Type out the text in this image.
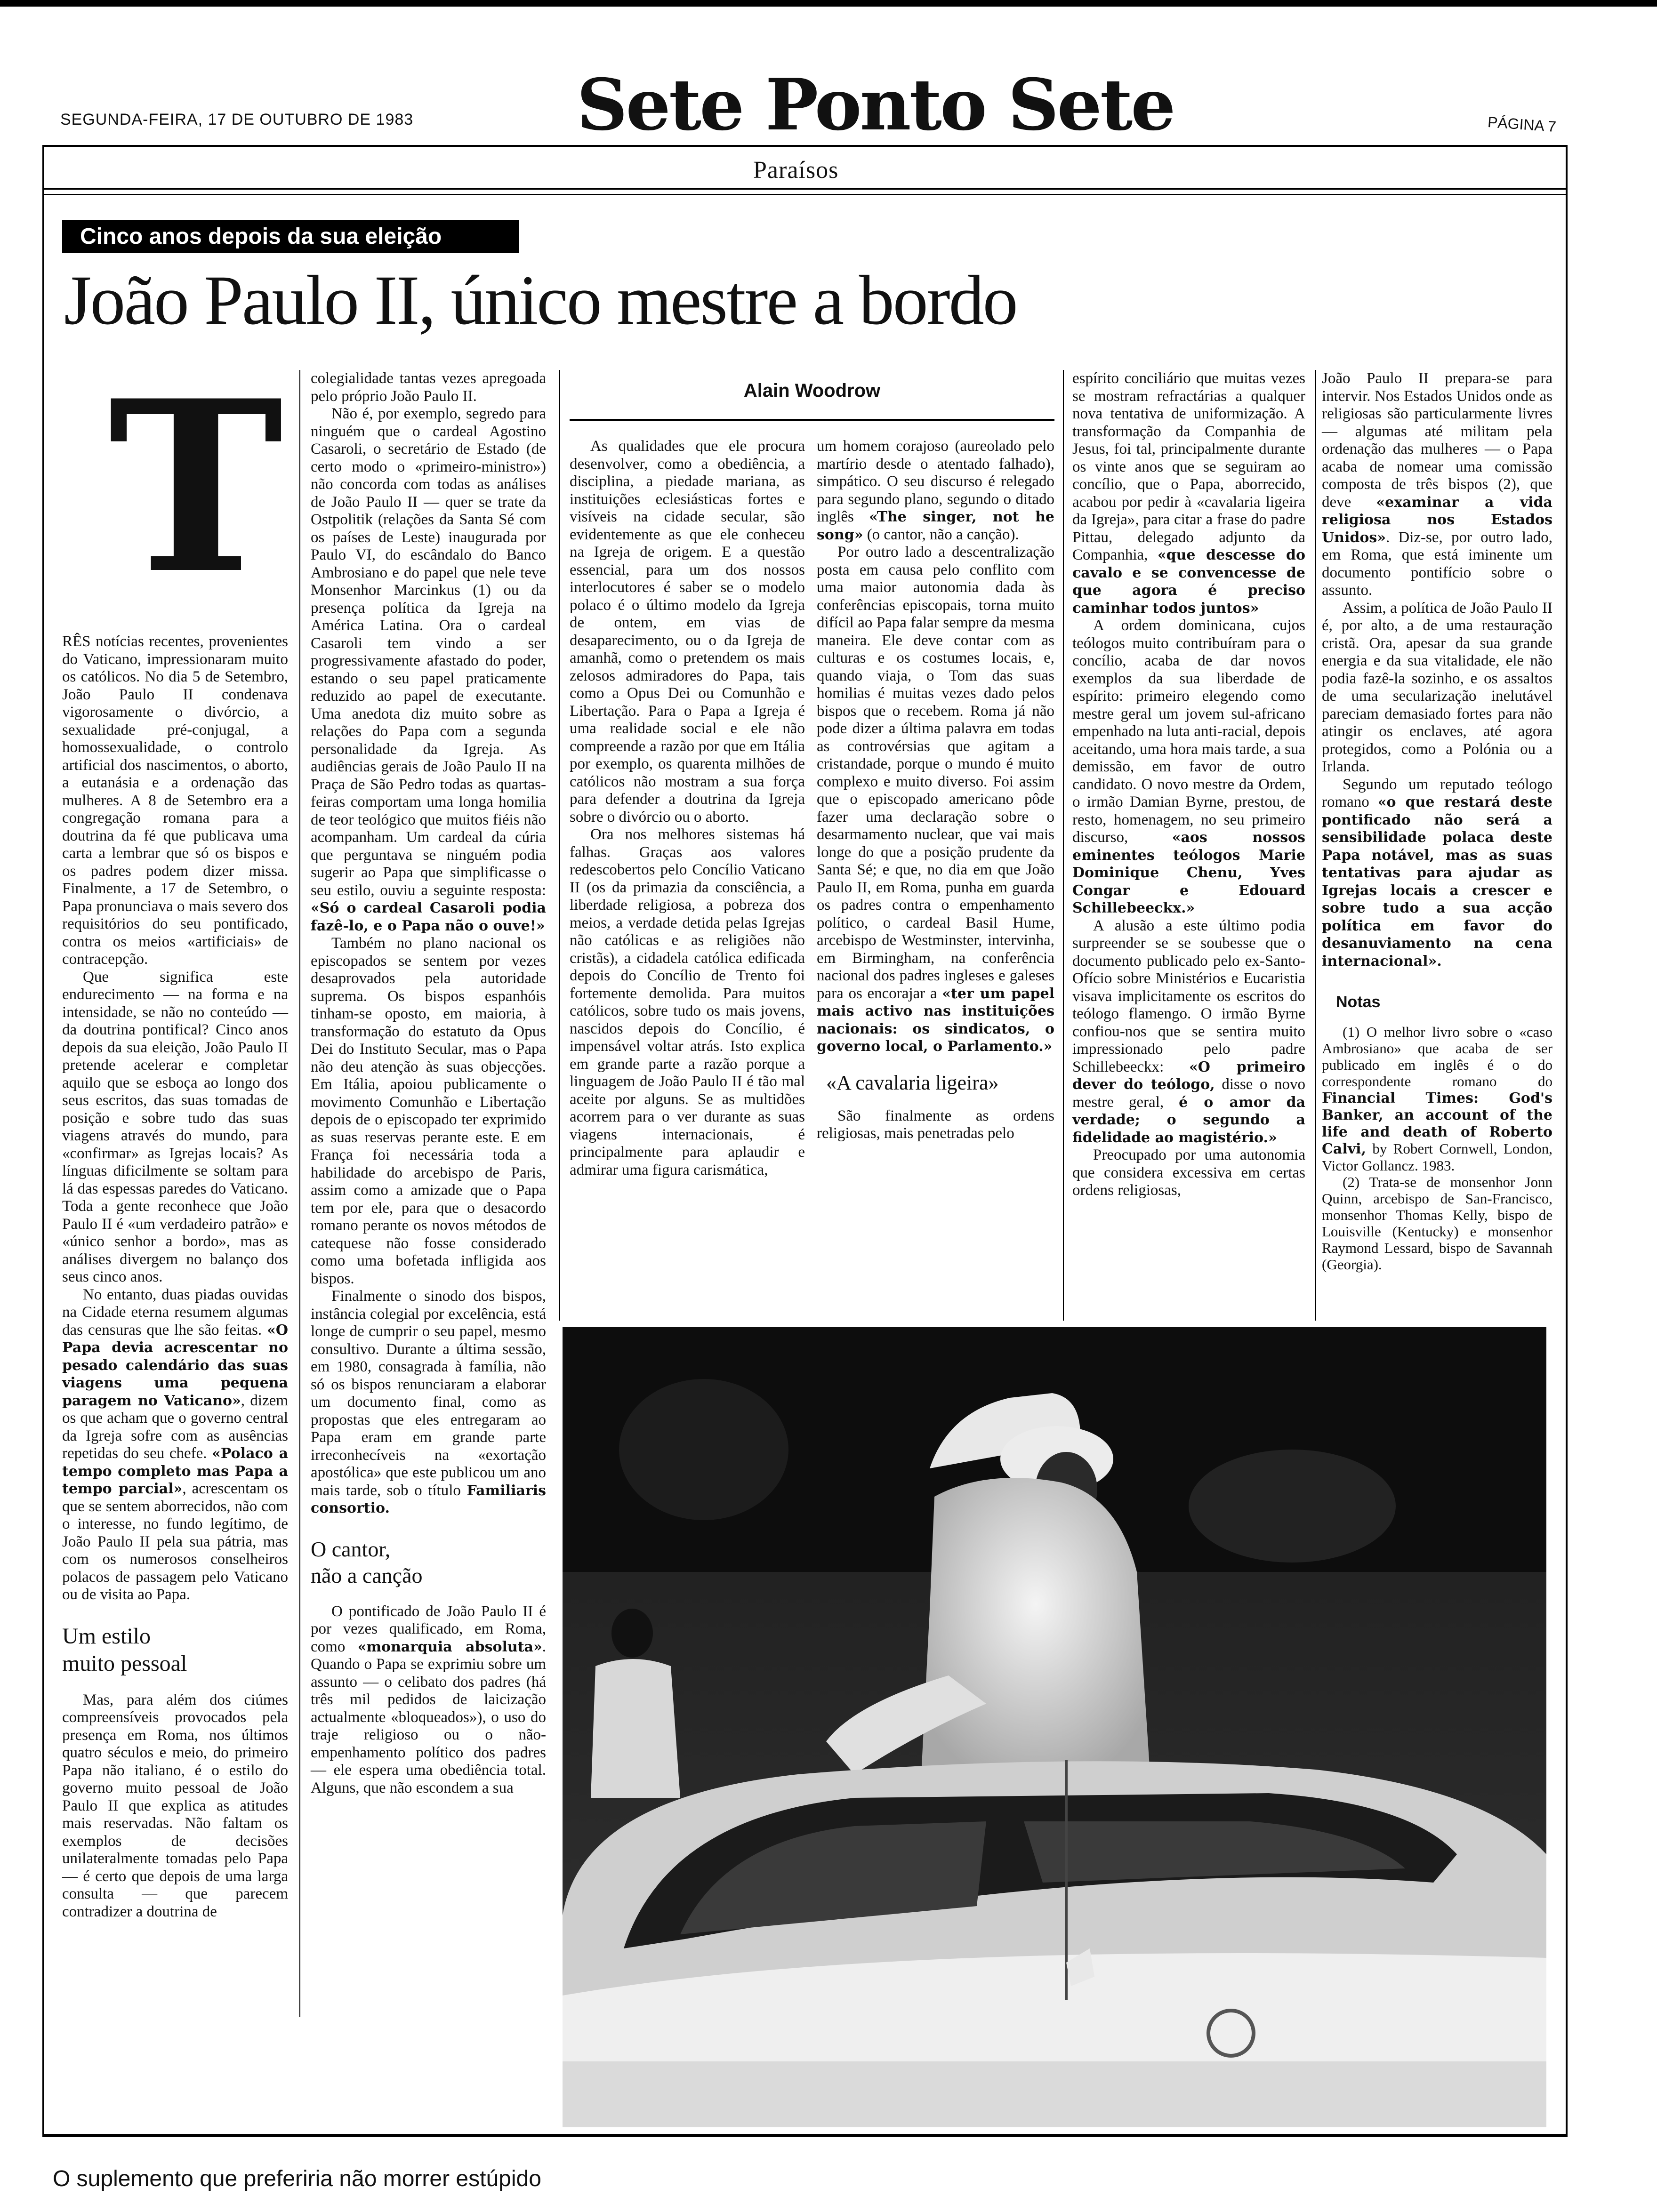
SEGUNDA-FEIRA, 17 DE OUTUBRO DE 1983 Sete Ponto Sete	PÁGINA 7
Paraísos
Cinco anos depois da sua eleição
João Paulo II, único mestre a bordo
T

RÊS notícias recentes, provenientes do Vaticano, impressionaram muito os católicos. No dia 5 de Setembro, João Paulo II condenava vigorosamente o divórcio, a sexualidade pré-conjugal, a homossexualidade, o controlo artificial dos nascimentos, o aborto, a eutanásia e a ordenação das mulheres. A 8 de Setembro era a congregação romana para a doutrina da fé que publicava uma carta a lembrar que só os bispos e os padres podem dizer missa. Finalmente, a 17 de Setembro, o Papa pronunciava o mais severo dos requisitórios do seu pontificado, contra os meios «artificiais» de contracepção.

Que significa este endurecimento — na forma e na intensidade, se não no conteúdo — da doutrina pontifical? Cinco anos depois da sua eleição, João Paulo II pretende acelerar e completar aquilo que se esboça ao longo dos seus escritos, das suas tomadas de posição e sobre tudo das suas viagens através do mundo, para «confirmar» as Igrejas locais? As línguas dificilmente se soltam para lá das espessas paredes do Vaticano. Toda a gente reconhece que João Paulo II é «um verdadeiro patrão» e «único senhor a bordo», mas as análises divergem no balanço dos seus cinco anos.

No entanto, duas piadas ouvidas na Cidade eterna resumem algumas das censuras que lhe são feitas. «O Papa devia acrescentar no pesado calendário das suas viagens uma pequena paragem no Vaticano», dizem os que acham que o governo central da Igreja sofre com as ausências repetidas do seu chefe. «Polaco a tempo completo mas Papa a tempo parcial», acrescentam os que se sentem aborrecidos, não com o interesse, no fundo legítimo, de João Paulo II pela sua pátria, mas com os numerosos conselheiros polacos de passagem pelo Vaticano ou de visita ao Papa.

Um estilo
muito pessoal

Mas, para além dos ciúmes compreensíveis provocados pela presença em Roma, nos últimos quatro séculos e meio, do primeiro Papa não italiano, é o estilo do governo muito pessoal de João Paulo II que explica as atitudes mais reservadas. Não faltam os exemplos de decisões unilateralmente tomadas pelo Papa — é certo que depois de uma larga consulta — que parecem contradizer a doutrina de

colegialidade tantas vezes apregoada pelo próprio João Paulo II.

Não é, por exemplo, segredo para ninguém que o cardeal Agostino Casaroli, o secretário de Estado (de certo modo o «primeiro-ministro») não concorda com todas as análises de João Paulo II — quer se trate da Ostpolitik (relações da Santa Sé com os países de Leste) inaugurada por Paulo VI, do escândalo do Banco Ambrosiano e do papel que nele teve Monsenhor Marcinkus (1) ou da presença política da Igreja na América Latina. Ora o cardeal Casaroli tem vindo a ser progressivamente afastado do poder, estando o seu papel praticamente reduzido ao papel de executante. Uma anedota diz muito sobre as relações do Papa com a segunda personalidade da Igreja. As audiências gerais de João Paulo II na Praça de São Pedro todas as quartas-feiras comportam uma longa homilia de teor teológico que muitos fiéis não acompanham. Um cardeal da cúria que perguntava se ninguém podia sugerir ao Papa que simplificasse o seu estilo, ouviu a seguinte resposta: «Só o cardeal Casaroli podia fazê-lo, e o Papa não o ouve!»

Também no plano nacional os episcopados se sentem por vezes desaprovados pela autoridade suprema. Os bispos espanhóis tinham-se oposto, em maioria, à transformação do estatuto da Opus Dei do Instituto Secular, mas o Papa não deu atenção às suas objecções. Em Itália, apoiou publicamente o movimento Comunhão e Libertação depois de o episcopado ter exprimido as suas reservas perante este. E em França foi necessária toda a habilidade do arcebispo de Paris, assim como a amizade que o Papa tem por ele, para que o desacordo romano perante os novos métodos de catequese não fosse considerado como uma bofetada infligida aos bispos.

Finalmente o sinodo dos bispos, instância colegial por excelência, está longe de cumprir o seu papel, mesmo consultivo. Durante a última sessão, em 1980, consagrada à família, não só os bispos renunciaram a elaborar um documento final, como as propostas que eles entregaram ao Papa eram em grande parte irreconhecíveis na «exortação apostólica» que este publicou um ano mais tarde, sob o título Familiaris consortio.

O cantor,
não a canção

O pontificado de João Paulo II é por vezes qualificado, em Roma, como «monarquia absoluta». Quando o Papa se exprimiu sobre um assunto — o celibato dos padres (há três mil pedidos de laicização actualmente «bloqueados»), o uso do traje religioso ou o não-empenhamento político dos padres — ele espera uma obediência total. Alguns, que não escondem a sua

Alain Woodrow

As qualidades que ele procura desenvolver, como a obediência, a disciplina, a piedade mariana, as instituições eclesiásticas fortes e visíveis na cidade secular, são evidentemente as que ele conheceu na Igreja de origem. E a questão essencial, para um dos nossos interlocutores é saber se o modelo polaco é o último modelo da Igreja de ontem, em vias de desaparecimento, ou o da Igreja de amanhã, como o pretendem os mais zelosos admiradores do Papa, tais como a Opus Dei ou Comunhão e Libertação. Para o Papa a Igreja é uma realidade social e ele não compreende a razão por que em Itália por exemplo, os quarenta milhões de católicos não mostram a sua força para defender a doutrina da Igreja sobre o divórcio ou o aborto.

Ora nos melhores sistemas há falhas. Graças aos valores redescobertos pelo Concílio Vaticano II (os da primazia da consciência, a liberdade religiosa, a pobreza dos meios, a verdade detida pelas Igrejas não católicas e as religiões não cristãs), a cidadela católica edificada depois do Concílio de Trento foi fortemente demolida. Para muitos católicos, sobre tudo os mais jovens, nascidos depois do Concílio, é impensável voltar atrás. Isto explica em grande parte a razão porque a linguagem de João Paulo II é tão mal aceite por alguns. Se as multidões acorrem para o ver durante as suas viagens internacionais, é principalmente para aplaudir e admirar uma figura carismática,

um homem corajoso (aureolado pelo martírio desde o atentado falhado), simpático. O seu discurso é relegado para segundo plano, segundo o ditado inglês «The singer, not he song» (o cantor, não a canção).

Por outro lado a descentralização posta em causa pelo conflito com uma maior autonomia dada às conferências episcopais, torna muito difícil ao Papa falar sempre da mesma maneira. Ele deve contar com as culturas e os costumes locais, e, quando viaja, o Tom das suas homilias é muitas vezes dado pelos bispos que o recebem. Roma já não pode dizer a última palavra em todas as controvérsias que agitam a cristandade, porque o mundo é muito complexo e muito diverso. Foi assim que o episcopado americano pôde fazer uma declaração sobre o desarmamento nuclear, que vai mais longe do que a posição prudente da Santa Sé; e que, no dia em que João Paulo II, em Roma, punha em guarda os padres contra o empenhamento político, o cardeal Basil Hume, arcebispo de Westminster, intervinha, em Birmingham, na conferência nacional dos padres ingleses e galeses para os encorajar a «ter um papel mais activo nas instituições nacionais: os sindicatos, o governo local, o Parlamento.»

«A cavalaria ligeira»

São finalmente as ordens religiosas, mais penetradas pelo

espírito conciliário que muitas vezes se mostram refractárias a qualquer nova tentativa de uniformização. A transformação da Companhia de Jesus, foi tal, principalmente durante os vinte anos que se seguiram ao concílio, que o Papa, aborrecido, acabou por pedir à «cavalaria ligeira da Igreja», para citar a frase do padre Pittau, delegado adjunto da Companhia, «que descesse do cavalo e se convencesse de que agora é preciso caminhar todos juntos»

A ordem dominicana, cujos teólogos muito contribuíram para o concílio, acaba de dar novos exemplos da sua liberdade de espírito: primeiro elegendo como mestre geral um jovem sul-africano empenhado na luta anti-racial, depois aceitando, uma hora mais tarde, a sua demissão, em favor de outro candidato. O novo mestre da Ordem, o irmão Damian Byrne, prestou, de resto, homenagem, no seu primeiro discurso,	«aos nossos eminentes teólogos Marie Dominique Chenu, Yves Congar e Edouard Schillebeeckx.»

A alusão a este último podia surpreender se se soubesse que o documento publicado pelo ex-Santo-Ofício sobre Ministérios e Eucaristia visava implicitamente os escritos do teólogo flamengo. O irmão Byrne confiou-nos que se sentira muito impressionado pelo padre Schillebeeckx: «O primeiro dever do teólogo, disse o novo mestre geral, é o amor da verdade; o segundo a fidelidade ao magistério.»

Preocupado por uma autonomia que considera excessiva em certas ordens religiosas,

João Paulo II prepara-se para intervir. Nos Estados Unidos onde as religiosas são particularmente livres — algumas até militam pela ordenação das mulheres — o Papa acaba de nomear uma comissão composta de três bispos (2), que deve «examinar a vida religiosa nos Estados Unidos». Diz-se, por outro lado, em Roma, que está iminente um documento pontifício sobre o assunto.

Assim, a política de João Paulo II é, por alto, a de uma restauração cristã. Ora, apesar da sua grande energia e da sua vitalidade, ele não podia fazê-la sozinho, e os assaltos de uma secularização inelutável pareciam demasiado fortes para não atingir os enclaves, até agora protegidos, como a Polónia ou a Irlanda.

Segundo um reputado teólogo romano «o que restará deste pontificado não será a sensibilidade polaca deste Papa notável, mas as suas tentativas para ajudar as Igrejas locais a crescer e sobre tudo a sua acção política em favor do desanuviamento na cena internacional».

Notas

(1) O melhor livro sobre o «caso Ambrosiano» que acaba de ser publicado em inglês é o do correspondente romano do Financial Times: God's Banker, an account of the life and death of Roberto Calvi, by Robert Cornwell, London, Victor Gollancz. 1983.

(2) Trata-se de monsenhor Jonn Quinn, arcebispo de San-Francisco, monsenhor Thomas Kelly, bispo de Louisville (Kentucky) e monsenhor Raymond Lessard, bispo de Savannah (Georgia).

O suplemento que preferiria não morrer estúpido
